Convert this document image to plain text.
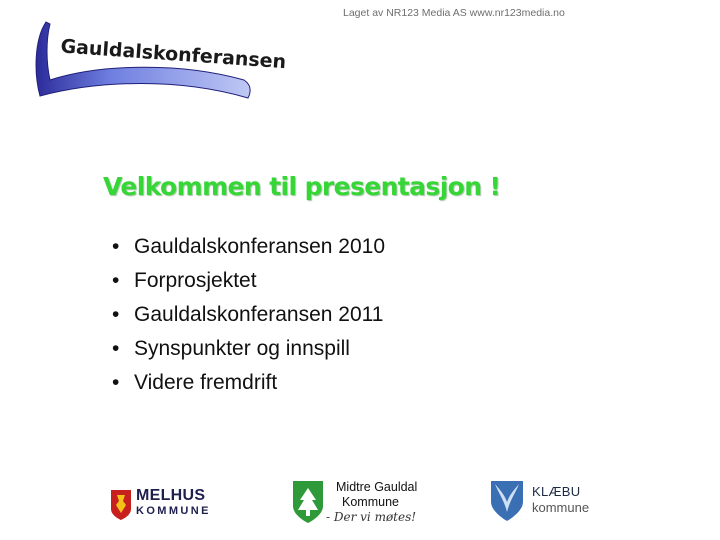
Laget av NR123 Media AS www.nr123media.no
Gauldalskonferansen
Velkommen til presentasjon !
• Gauldalskonferansen 2010
• Forprosjektet
• Gauldalskonferansen 2011
• Synspunkter og innspill
• Videre fremdrift
MELHUS
KOMMUNE
Midtre Gauldal
Kommune
- Der vi møtes!
KLÆBU
kommune
